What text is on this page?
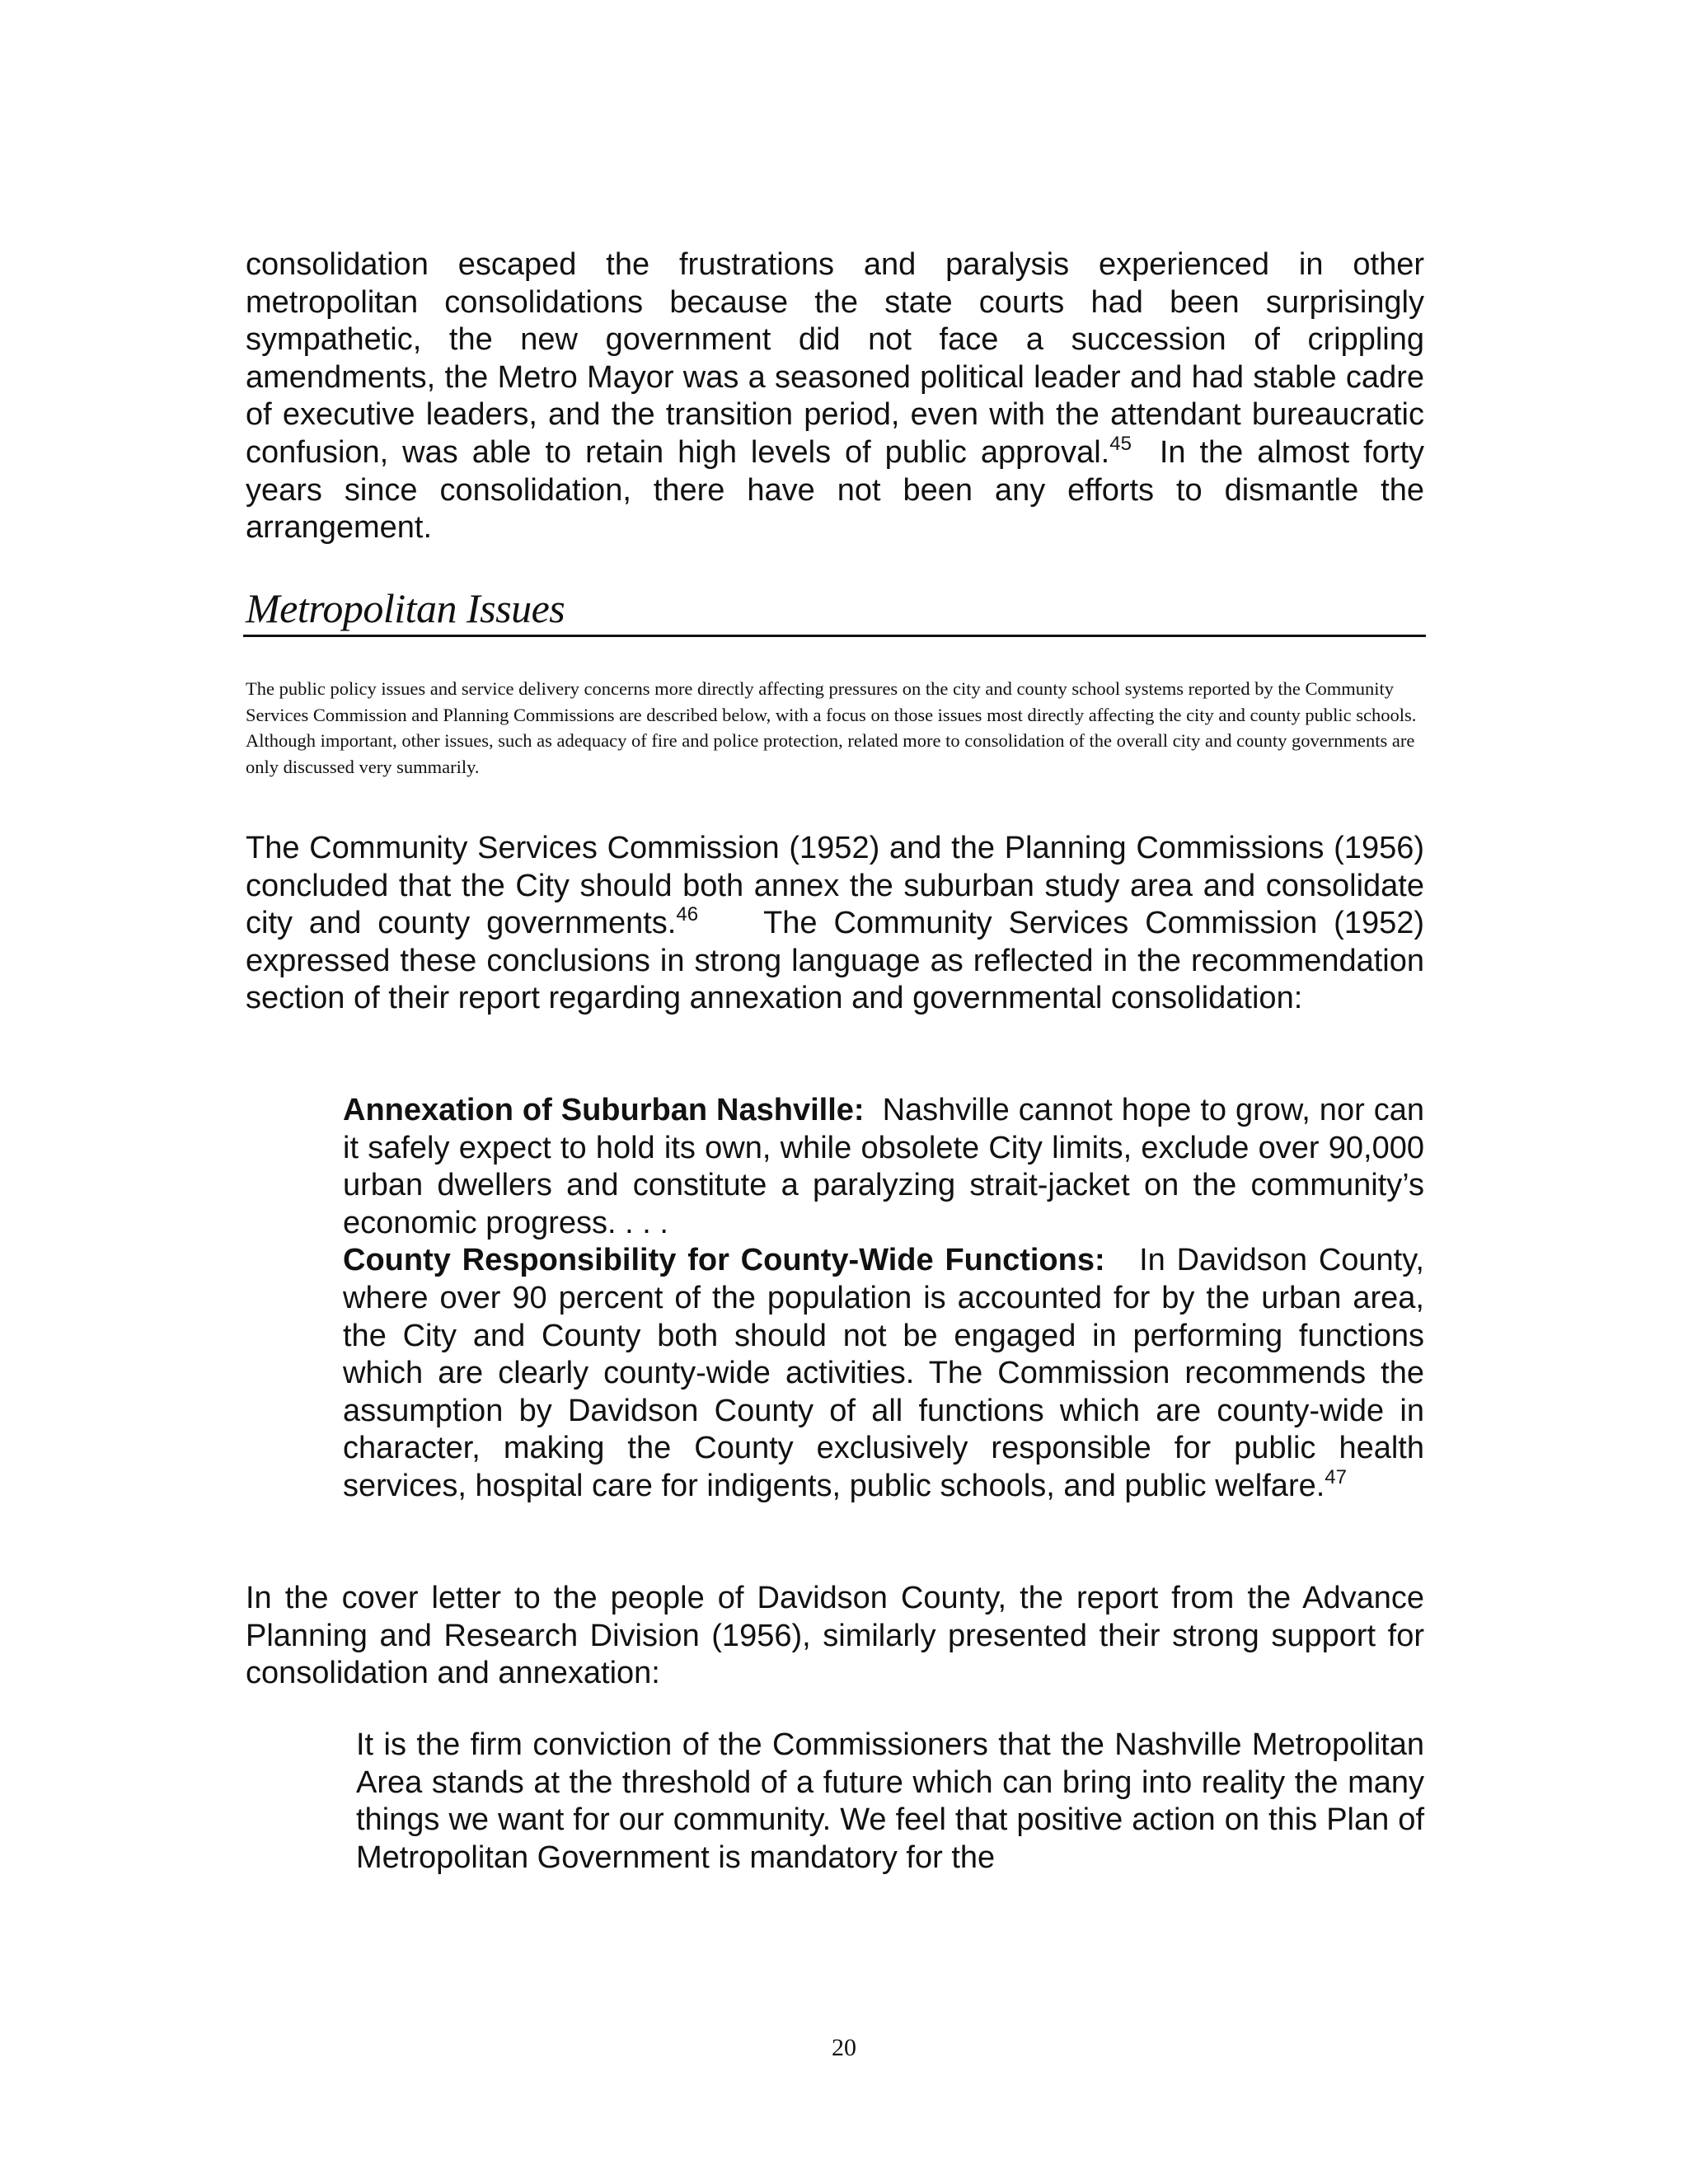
consolidation escaped the frustrations and paralysis experienced in other metropolitan consolidations because the state courts had been surprisingly sympathetic, the new government did not face a succession of crippling amendments, the Metro Mayor was a seasoned political leader and had stable cadre of executive leaders, and the transition period, even with the attendant bureaucratic confusion, was able to retain high levels of public approval.$^{45}$ In the almost forty years since consolidation, there have not been any efforts to dismantle the arrangement.

Metropolitan Issues

The public policy issues and service delivery concerns more directly affecting pressures on the city and county school systems reported by the Community Services Commission and Planning Commissions are described below, with a focus on those issues most directly affecting the city and county public schools. Although important, other issues, such as adequacy of fire and police protection, related more to consolidation of the overall city and county governments are only discussed very summarily.

The Community Services Commission (1952) and the Planning Commissions (1956) concluded that the City should both annex the suburban study area and consolidate city and county governments.$^{46}$ The Community Services Commission (1952) expressed these conclusions in strong language as reflected in the recommendation section of their report regarding annexation and governmental consolidation:

Annexation of Suburban Nashville: Nashville cannot hope to grow, nor can it safely expect to hold its own, while obsolete City limits, exclude over 90,000 urban dwellers and constitute a paralyzing strait-jacket on the community’s economic progress. . . .
County Responsibility for County-Wide Functions: In Davidson County, where over 90 percent of the population is accounted for by the urban area, the City and County both should not be engaged in performing functions which are clearly county-wide activities. The Commission recommends the assumption by Davidson County of all functions which are county-wide in character, making the County exclusively responsible for public health services, hospital care for indigents, public schools, and public welfare.$^{47}$

In the cover letter to the people of Davidson County, the report from the Advance Planning and Research Division (1956), similarly presented their strong support for consolidation and annexation:

It is the firm conviction of the Commissioners that the Nashville Metropolitan Area stands at the threshold of a future which can bring into reality the many things we want for our community. We feel that positive action on this Plan of Metropolitan Government is mandatory for the

20
